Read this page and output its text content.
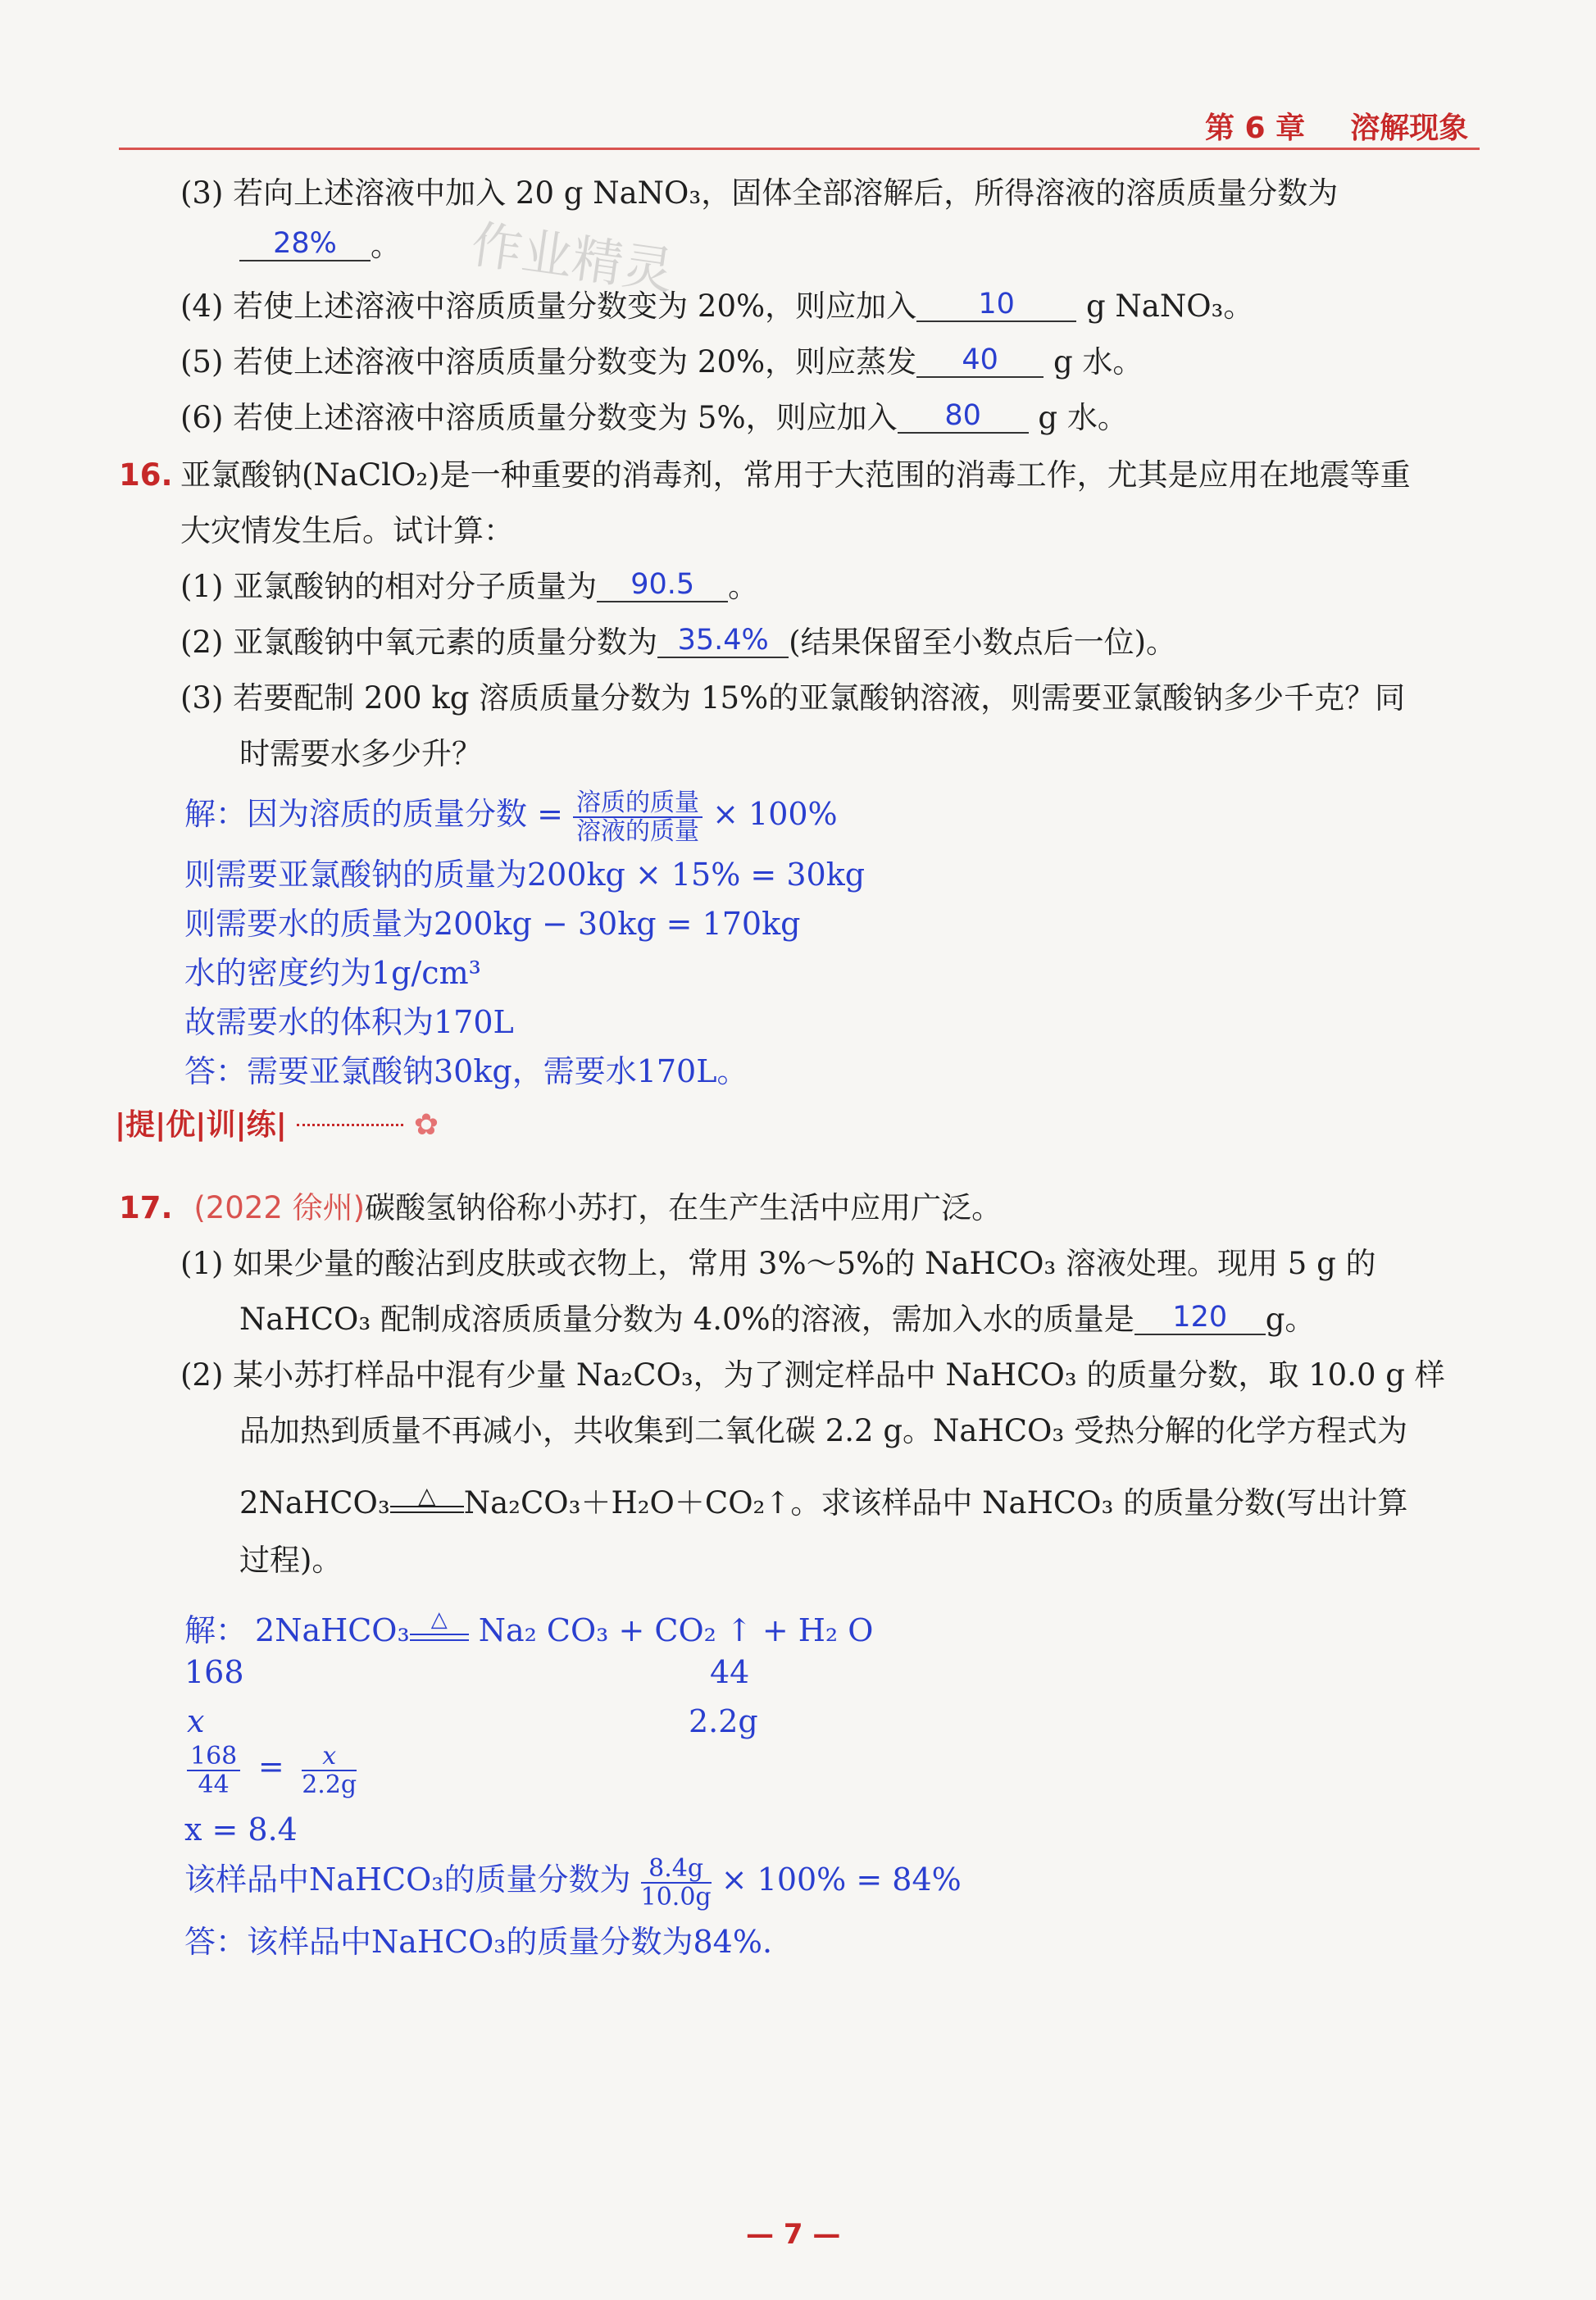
第 6 章 溶解现象
作业精灵
(3) 若向上述溶液中加入 20 g NaNO₃，固体全部溶解后，所得溶液的溶质质量分数为
28% 。
(4) 若使上述溶液中溶质质量分数变为 20%，则应加入 10 g NaNO₃。
(5) 若使上述溶液中溶质质量分数变为 20%，则应蒸发 40 g 水。
(6) 若使上述溶液中溶质质量分数变为 5%，则应加入 80 g 水。
16. 亚氯酸钠(NaClO₂)是一种重要的消毒剂，常用于大范围的消毒工作，尤其是应用在地震等重
大灾情发生后。试计算：
(1) 亚氯酸钠的相对分子质量为 90.5 。
(2) 亚氯酸钠中氧元素的质量分数为 35.4% (结果保留至小数点后一位)。
(3) 若要配制 200 kg 溶质质量分数为 15%的亚氯酸钠溶液，则需要亚氯酸钠多少千克？同
时需要水多少升？
解：因为溶质的质量分数 = $\frac{\text{溶质的质量}}{\text{溶液的质量}} \times 100\%$
则需要亚氯酸钠的质量为200kg × 15% = 30kg
则需要水的质量为200kg − 30kg = 170kg
水的密度约为1g/cm³
故需要水的体积为170L
答：需要亚氯酸钠30kg，需要水170L。
|提|优|训|练|	✿
17. (2022 徐州)碳酸氢钠俗称小苏打，在生产生活中应用广泛。
(1) 如果少量的酸沾到皮肤或衣物上，常用 3%～5%的 NaHCO₃ 溶液处理。现用 5 g 的
NaHCO₃ 配制成溶质质量分数为 4.0%的溶液，需加入水的质量是 120 g。
(2) 某小苏打样品中混有少量 Na₂CO₃，为了测定样品中 NaHCO₃ 的质量分数，取 10.0 g 样
品加热到质量不再减小，共收集到二氧化碳 2.2 g。NaHCO₃ 受热分解的化学方程式为
2NaHCO₃	△ Na₂CO₃＋H₂O＋CO₂↑。求该样品中 NaHCO₃ 的质量分数(写出计算
过程)。
解： 2NaHCO₃	△	Na₂ CO₃ + CO₂ ↑ + H₂ O
168	44
x	2.2g
$\frac{168}{44} = \frac{x}{2.2g}$
x = 8.4
该样品中NaHCO₃的质量分数为 $\frac{8.4g}{10.0g} \times 100\% = 84\%$
答：该样品中NaHCO₃的质量分数为84%.
— 7 —
